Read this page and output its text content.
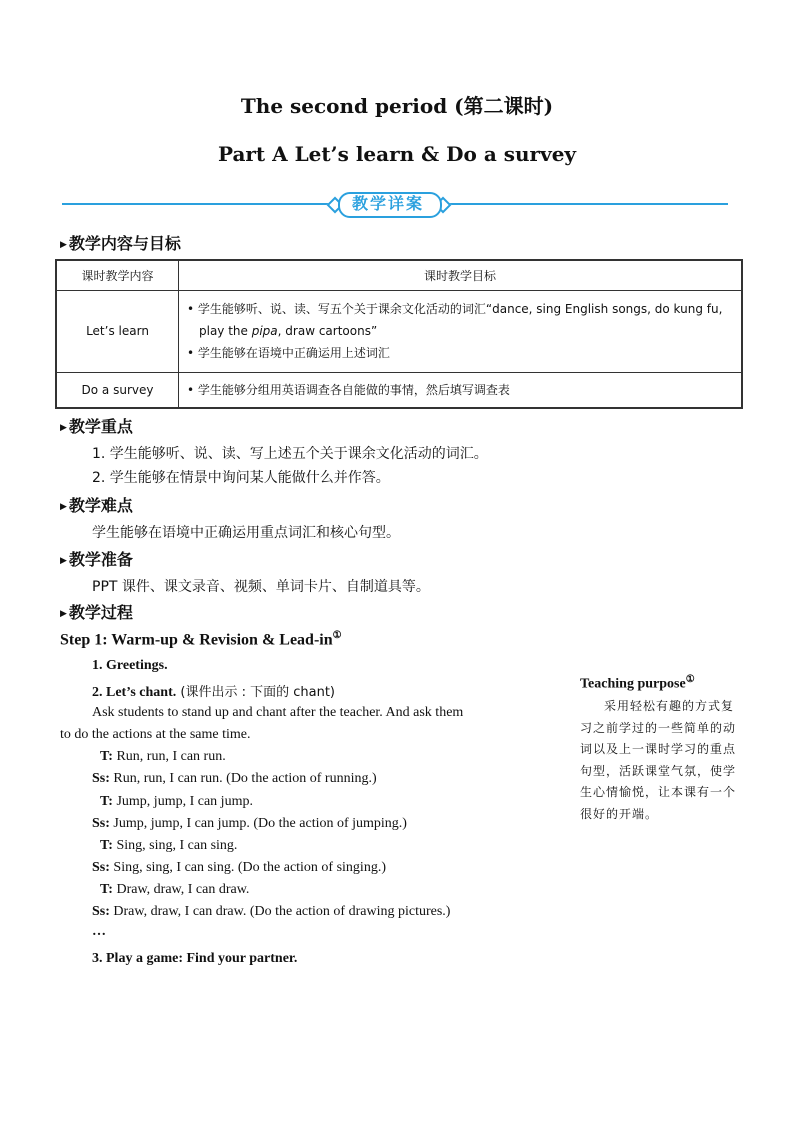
The second period (第二课时)
Part A Let’s learn & Do a survey
教学详案
▶ 教学内容与目标
课时教学内容	课时教学目标
Let’s learn	• 学生能够听、说、读、写五个关于课余文化活动的词汇“dance, sing English songs, do kung fu, play the pipa, draw cartoons”
• 学生能够在语境中正确运用上述词汇

Do a survey	• 学生能够分组用英语调查各自能做的事情，然后填写调查表
▶ 教学重点
1. 学生能够听、说、读、写上述五个关于课余文化活动的词汇。
2. 学生能够在情景中询问某人能做什么并作答。
▶ 教学难点
学生能够在语境中正确运用重点词汇和核心句型。
▶ 教学准备
PPT 课件、课文录音、视频、单词卡片、自制道具等。
▶ 教学过程
Step 1: Warm-up & Revision & Lead-in①
1. Greetings.
2. Let’s chant. (课件出示 : 下面的 chant)
Ask students to stand up and chant after the teacher. And ask them
to do the actions at the same time.
T: Run, run, I can run.
Ss: Run, run, I can run. (Do the action of running.)
T: Jump, jump, I can jump.
Ss: Jump, jump, I can jump. (Do the action of jumping.)
T: Sing, sing, I can sing.
Ss: Sing, sing, I can sing. (Do the action of singing.)
T: Draw, draw, I can draw.
Ss: Draw, draw, I can draw. (Do the action of drawing pictures.)
…
3. Play a game: Find your partner.
Teaching purpose①
采用轻松有趣的方式复
习之前学过的一些简单的动
词以及上一课时学习的重点
句型，活跃课堂气氛，使学
生心情愉悦，让本课有一个
很好的开端。
